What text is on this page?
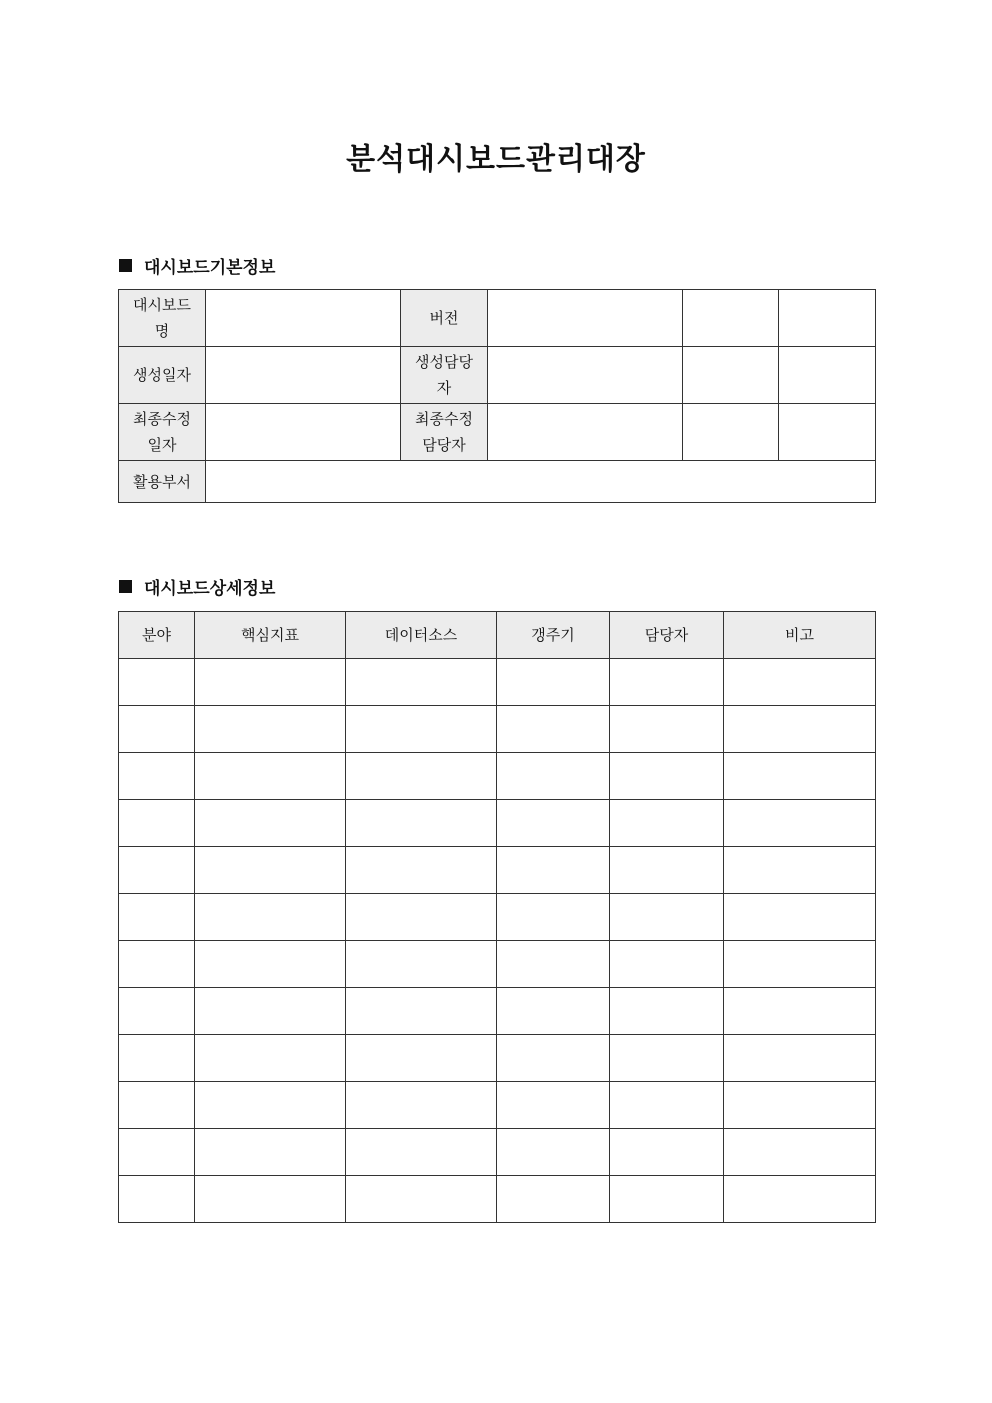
분석대시보드관리대장
대시보드기본정보
대시보드명		버전			
생성일자		생성담당자			
최종수정일자		최종수정담당자			
활용부서					
대시보드상세정보
분야	핵심지표	데이터소스	갱주기	담당자	비고
